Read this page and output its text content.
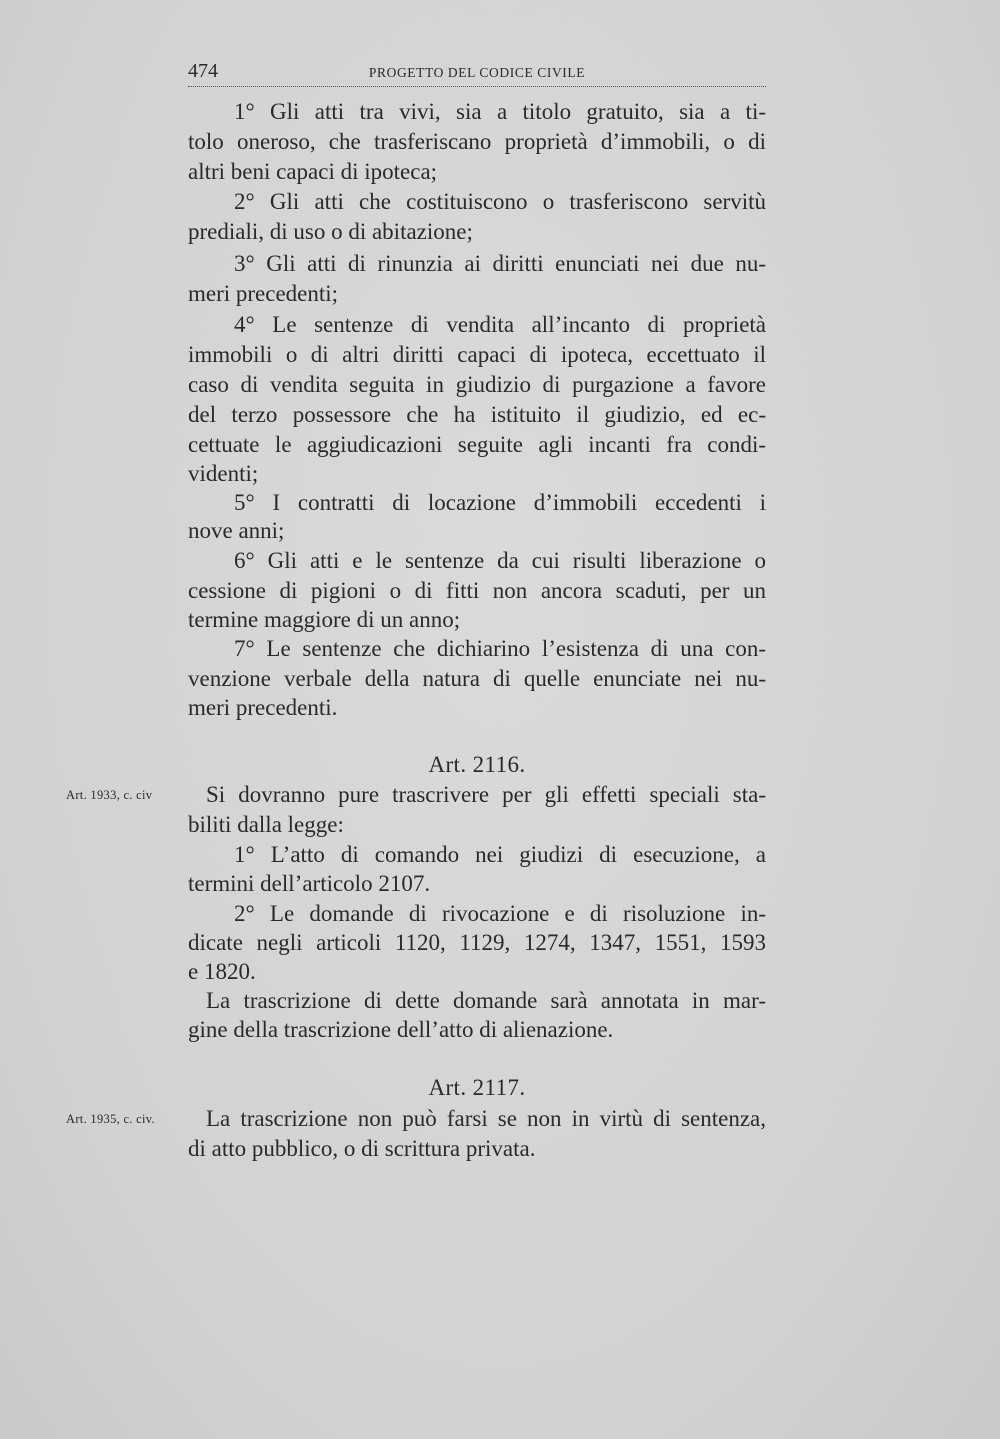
474	PROGETTO DEL CODICE CIVILE
1° Gli atti tra vivi, sia a titolo gratuito, sia a ti-
tolo oneroso, che trasferiscano proprietà d’immobili, o di
altri beni capaci di ipoteca;
2° Gli atti che costituiscono o trasferiscono servitù
prediali, di uso o di abitazione;
3° Gli atti di rinunzia ai diritti enunciati nei due nu-
meri precedenti;
4° Le sentenze di vendita all’incanto di proprietà
immobili o di altri diritti capaci di ipoteca, eccettuato il
caso di vendita seguita in giudizio di purgazione a favore
del terzo possessore che ha istituito il giudizio, ed ec-
cettuate le aggiudicazioni seguite agli incanti fra condi-
videnti;
5° I contratti di locazione d’immobili eccedenti i
nove anni;
6° Gli atti e le sentenze da cui risulti liberazione o
cessione di pigioni o di fitti non ancora scaduti, per un
termine maggiore di un anno;
7° Le sentenze che dichiarino l’esistenza di una con-
venzione verbale della natura di quelle enunciate nei nu-
meri precedenti.
Art. 2116.
Art. 1933, c. civ Si dovranno pure trascrivere per gli effetti speciali sta-
biliti dalla legge:
1° L’atto di comando nei giudizi di esecuzione, a
termini dell’articolo 2107.
2° Le domande di rivocazione e di risoluzione in-
dicate negli articoli 1120, 1129, 1274, 1347, 1551, 1593
e 1820.
La trascrizione di dette domande sarà annotata in mar-
gine della trascrizione dell’atto di alienazione.
Art. 2117.
Art. 1935, c. civ. La trascrizione non può farsi se non in virtù di sentenza,
di atto pubblico, o di scrittura privata.
